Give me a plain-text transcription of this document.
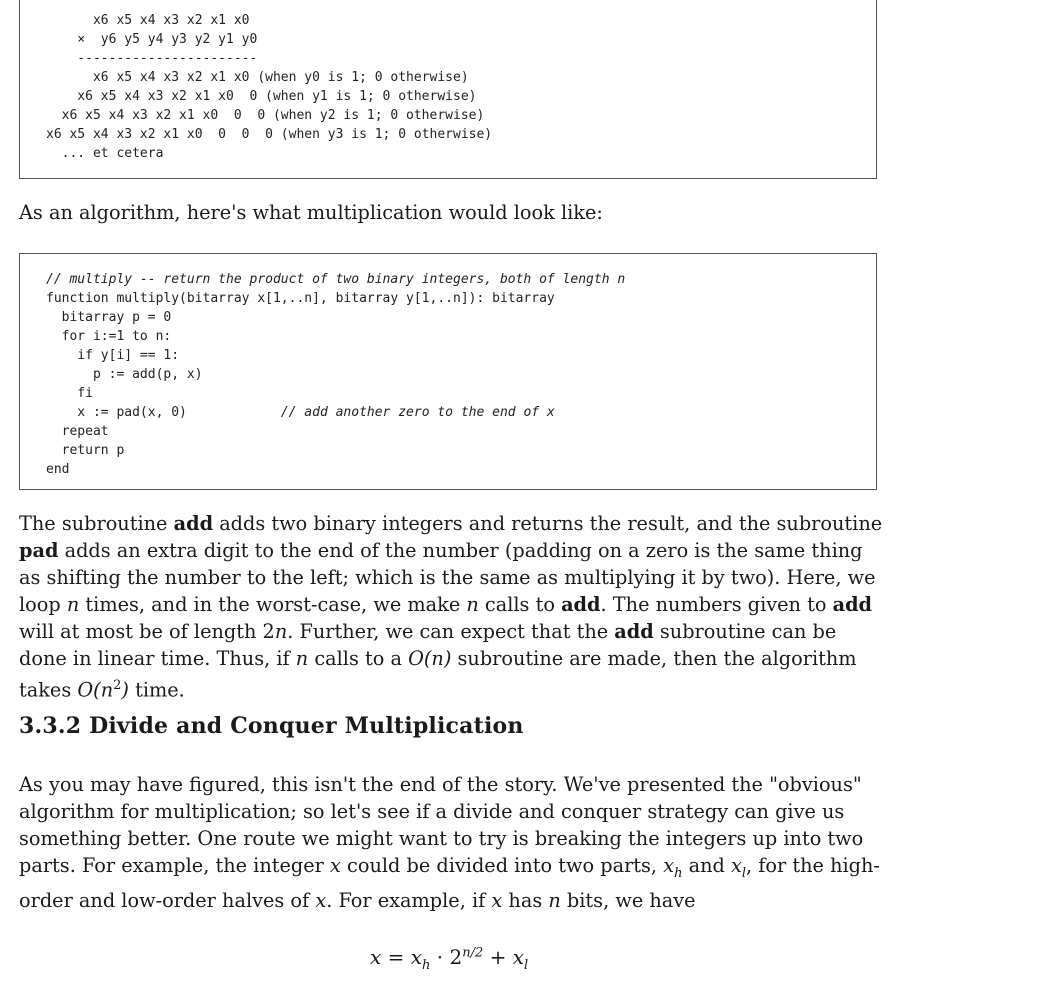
x6 x5 x4 x3 x2 x1 x0
×  y6 y5 y4 y3 y2 y1 y0
-----------------------
x6 x5 x4 x3 x2 x1 x0 (when y0 is 1; 0 otherwise)
x6 x5 x4 x3 x2 x1 x0  0 (when y1 is 1; 0 otherwise)
x6 x5 x4 x3 x2 x1 x0  0  0 (when y2 is 1; 0 otherwise)
x6 x5 x4 x3 x2 x1 x0  0  0  0 (when y3 is 1; 0 otherwise)
... et cetera

As an algorithm, here's what multiplication would look like:

// multiply -- return the product of two binary integers, both of length n
function multiply(bitarray x[1,..n], bitarray y[1,..n]): bitarray
bitarray p = 0
for i:=1 to n:
if y[i] == 1:
p := add(p, x)
fi
x := pad(x, 0)	// add another zero to the end of x
repeat
return p
end

The subroutine add adds two binary integers and returns the result, and the subroutine pad adds an extra digit to the end of the number (padding on a zero is the same thing as shifting the number to the left; which is the same as multiplying it by two). Here, we loop n times, and in the worst-case, we make n calls to add. The numbers given to add will at most be of length 2n. Further, we can expect that the add subroutine can be done in linear time. Thus, if n calls to a O(n) subroutine are made, then the algorithm takes $O(n^2)$ time.

3.3.2 Divide and Conquer Multiplication

As you may have figured, this isn't the end of the story. We've presented the "obvious" algorithm for multiplication; so let's see if a divide and conquer strategy can give us something better. One route we might want to try is breaking the integers up into two parts. For example, the integer x could be divided into two parts, $x_h$ and $x_l$, for the high-order and low-order halves of x. For example, if x has n bits, we have

$x = x_h \cdot 2^{n/2} + x_l$
